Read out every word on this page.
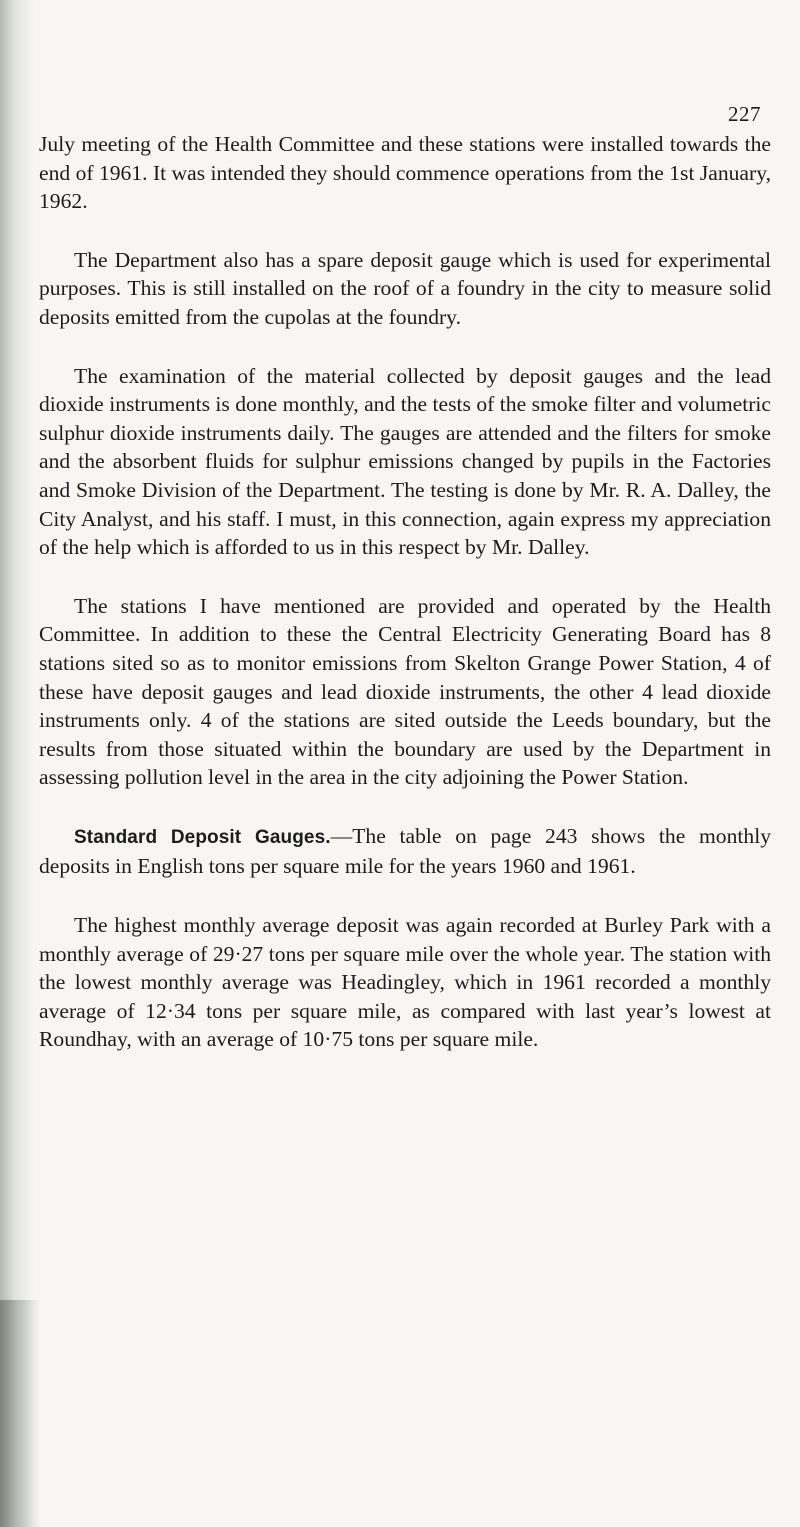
227

July meeting of the Health Committee and these stations were installed towards the end of 1961. It was intended they should commence operations from the 1st January, 1962.

The Department also has a spare deposit gauge which is used for experimental purposes. This is still installed on the roof of a foundry in the city to measure solid deposits emitted from the cupolas at the foundry.

The examination of the material collected by deposit gauges and the lead dioxide instruments is done monthly, and the tests of the smoke filter and volumetric sulphur dioxide instruments daily. The gauges are attended and the filters for smoke and the absorbent fluids for sulphur emissions changed by pupils in the Factories and Smoke Division of the Department. The testing is done by Mr. R. A. Dalley, the City Analyst, and his staff. I must, in this connection, again express my appreciation of the help which is afforded to us in this respect by Mr. Dalley.

The stations I have mentioned are provided and operated by the Health Committee. In addition to these the Central Electricity Generating Board has 8 stations sited so as to monitor emissions from Skelton Grange Power Station, 4 of these have deposit gauges and lead dioxide instruments, the other 4 lead dioxide instruments only. 4 of the stations are sited outside the Leeds boundary, but the results from those situated within the boundary are used by the Department in assessing pollution level in the area in the city adjoining the Power Station.

Standard Deposit Gauges.—The table on page 243 shows the monthly deposits in English tons per square mile for the years 1960 and 1961.

The highest monthly average deposit was again recorded at Burley Park with a monthly average of 29·27 tons per square mile over the whole year. The station with the lowest monthly average was Headingley, which in 1961 recorded a monthly average of 12·34 tons per square mile, as compared with last year’s lowest at Roundhay, with an average of 10·75 tons per square mile.
